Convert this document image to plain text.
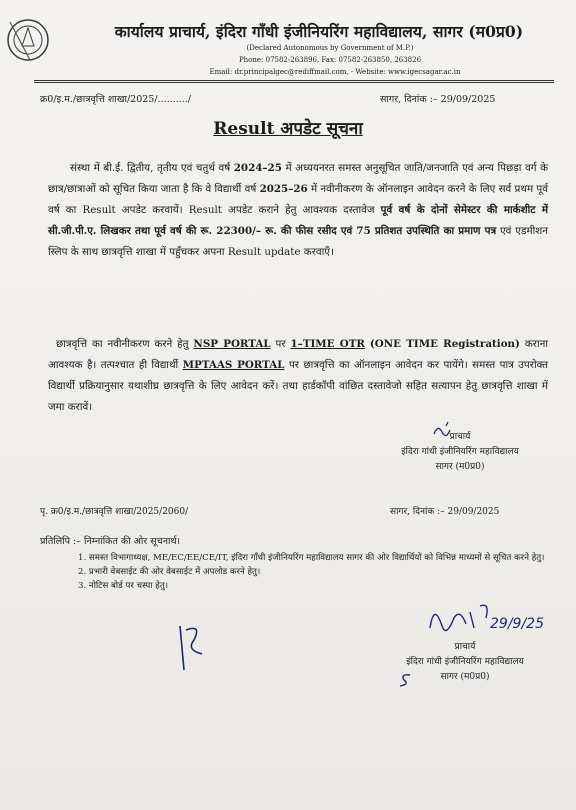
कार्यालय प्राचार्य, इंदिरा गाँधी इंजीनियरिंग महाविद्यालय, सागर (म0प्र0)
(Declared Autonomous by Government of M.P.)
Phone: 07582-263896, Fax: 07582-263850, 263826
Email: dr.principalgec@rediffmail.com, - Website: www.igecsagar.ac.in
क्र0/इ.म./छात्रवृत्ति शाखा/2025/........../	सागर, दिनांक :– 29/09/2025
Result अपडेट सूचना
संस्था में बी.ई. द्वितीय, तृतीय एवं चतुर्थ वर्ष 2024–25 में अध्ययनरत समस्त अनुसूचित जाति/जनजाति एवं अन्य पिछड़ा वर्ग के छात्र/छात्राओं को सूचित किया जाता है कि वे विद्यार्थी वर्ष 2025–26 में नवीनीकरण के ऑनलाइन आवेदन करने के लिए सर्व प्रथम पूर्व वर्ष का Result अपडेट करवायें। Result अपडेट कराने हेतु आवश्यक दस्तावेज पूर्व वर्ष के दोनों सेमेस्टर की मार्कशीट में सी.जी.पी.ए. लिखकर तथा पूर्व वर्ष की रू. 22300/– रू. की फीस रसीद एवं 75 प्रतिशत उपस्थिति का प्रमाण पत्र एवं एडमीशन स्लिप के साथ छात्रवृत्ति शाखा में पहुँचकर अपना Result update करवाएँ।
छात्रवृत्ति का नवीनीकरण करने हेतु NSP PORTAL पर 1–TIME OTR (ONE TIME Registration) कराना आवश्यक है। तत्पश्चात ही विद्यार्थी MPTAAS PORTAL पर छात्रवृत्ति का ऑनलाइन आवेदन कर पायेंगे। समस्त पात्र उपरोक्त विद्यार्थी प्रक्रियानुसार यथाशीघ्र छात्रवृत्ति के लिए आवेदन करें। तथा हार्डकॉपी वांछित दस्तावेजो सहित सत्यापन हेतु छात्रवृत्ति शाखा में जमा करावें।
प्राचार्य
इंदिरा गांधी इंजीनियरिंग महाविद्यालय
सागर (म0प्र0)
पृ. क्र0/इ.म./छात्रवृत्ति शाखा/2025/2060/	सागर, दिनांक :– 29/09/2025
प्रतिलिपि :– निम्नांकित की ओर सूचनार्थ।
1. समस्त विभागाध्यक्ष, ME/EC/EE/CE/IT, इंदिरा गाँधी इंजीनियरिंग महाविद्यालय सागर की ओर विद्यार्थियों को विभिन्न माध्यमों से सूचित करने हेतु।
2. प्रभारी वेबसाईट की ओर वेबसाईट में अपलोड करने हेतु।
3. नोटिस बोर्ड पर चस्पा हेतु।
29/9/25
प्राचार्य
इंदिरा गांधी इंजीनियरिंग महाविद्यालय
सागर (म0प्र0)
